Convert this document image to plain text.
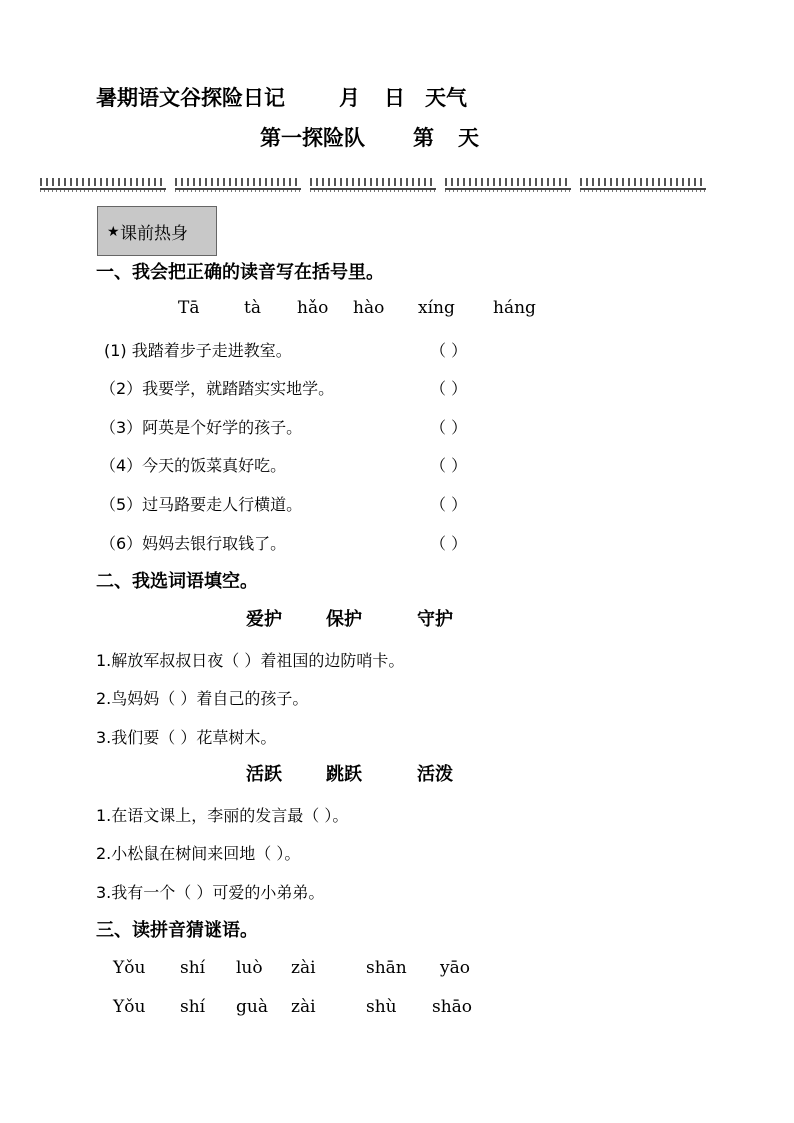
暑期语文谷探险日记	月 日 天气
第一探险队 第 天
★ 课前热身
一、我会把正确的读音写在括号里。
Tā	tà hǎo hào xíng háng
(1) 我踏着步子走进教室。	（ ）
（2）我要学，就踏踏实实地学。	（ ）
（3）阿英是个好学的孩子。	（ ）
（4）今天的饭菜真好吃。	（ ）
（5）过马路要走人行横道。	（ ）
（6）妈妈去银行取钱了。	（ ）
二、我选词语填空。
爱护 保护	守护
1.解放军叔叔日夜（ ）着祖国的边防哨卡。
2.鸟妈妈（ ）着自己的孩子。
3.我们要（ ）花草树木。
活跃 跳跃	活泼
1.在语文课上，李丽的发言最（ ）。
2.小松鼠在树间来回地（ ）。
3.我有一个（ ）可爱的小弟弟。
三、读拼音猜谜语。
Yǒu shí luò zài	shān yāo
Yǒu shí guà zài	shù shāo
